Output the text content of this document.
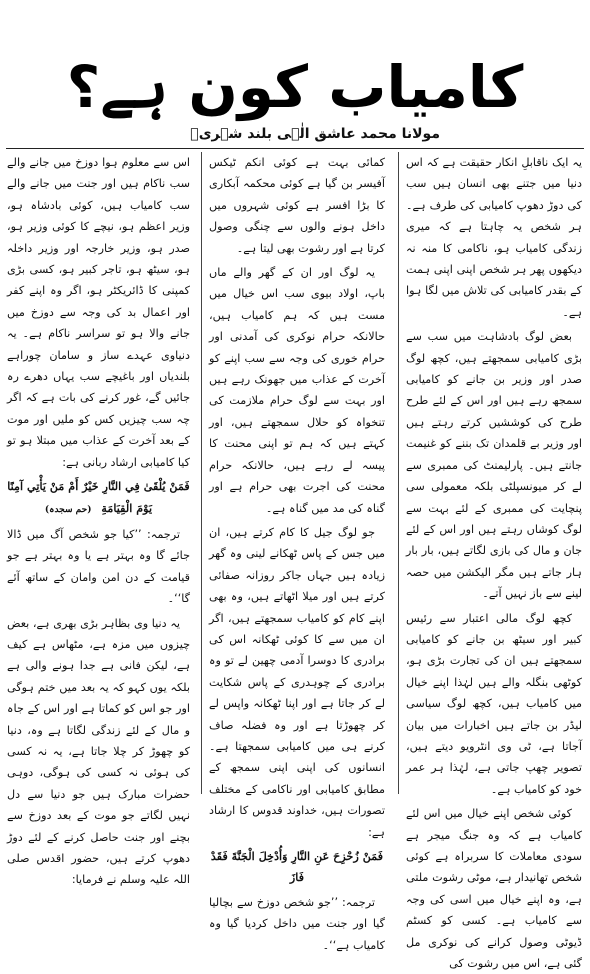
کامیاب کون ہے؟
مولانا محمد عاشق الٰہی بلند شہریؒ

یہ ایک ناقابلِ انکار حقیقت ہے کہ اس دنیا میں جتنے بھی انسان ہیں سب کی دوڑ دھوپ کامیابی کی طرف ہے۔ ہر شخص یہ چاہتا ہے کہ میری زندگی کامیاب ہو، ناکامی کا منہ نہ دیکھوں پھر ہر شخص اپنی اپنی ہمت کے بقدر کامیابی کی تلاش میں لگا ہوا ہے۔

بعض لوگ بادشاہت میں سب سے بڑی کامیابی سمجھتے ہیں، کچھ لوگ صدر اور وزیر بن جانے کو کامیابی سمجھ رہے ہیں اور اس کے لئے طرح طرح کی کوششیں کرتے رہتے ہیں اور وزیر بے قلمدان تک بننے کو غنیمت جانتے ہیں۔ پارلیمنٹ کی ممبری سے لے کر میونسپلٹی بلکہ معمولی سی پنچایت کی ممبری کے لئے بہت سے لوگ کوشاں رہتے ہیں اور اس کے لئے جان و مال کی بازی لگاتے ہیں، بار بار ہار جاتے ہیں مگر الیکشن میں حصہ لینے سے باز نہیں آتے۔

کچھ لوگ مالی اعتبار سے رئیس کبیر اور سیٹھ بن جانے کو کامیابی سمجھتے ہیں ان کی تجارت بڑی ہو، کوٹھی بنگلہ والے ہیں لہٰذا اپنے خیال میں کامیاب ہیں، کچھ لوگ سیاسی لیڈر بن جاتے ہیں اخبارات میں بیان آجاتا ہے، ٹی وی انٹرویو دیتے ہیں، تصویر چھپ جاتی ہے، لہٰذا ہر عمر خود کو کامیاب ہے۔

کوئی شخص اپنے خیال میں اس لئے کامیاب ہے کہ وہ جنگ میجر ہے سودی معاملات کا سربراہ ہے کوئی شخص تھانیدار ہے، موٹی رشوت ملتی ہے، وہ اپنے خیال میں اسی کی وجہ سے کامیاب ہے۔ کسی کو کسٹم ڈیوٹی وصول کرانے کی نوکری مل گئی ہے، اس میں رشوت کی

کمائی بہت ہے کوئی انکم ٹیکس آفیسر بن گیا ہے کوئی محکمہ آبکاری کا بڑا افسر ہے کوئی شہروں میں داخل ہونے والوں سے چنگی وصول کرتا ہے اور رشوت بھی لیتا ہے۔

یہ لوگ اور ان کے گھر والے ماں باپ، اولاد بیوی سب اس خیال میں مست ہیں کہ ہم کامیاب ہیں، حالانکہ حرام نوکری کی آمدنی اور حرام خوری کی وجہ سے سب اپنے کو آخرت کے عذاب میں جھونک رہے ہیں اور بہت سے لوگ حرام ملازمت کی تنخواہ کو حلال سمجھتے ہیں، اور کہتے ہیں کہ ہم تو اپنی محنت کا پیسہ لے رہے ہیں، حالانکہ حرام محنت کی اجرت بھی حرام ہے اور گناہ کی مد میں گناہ ہے۔

جو لوگ جیل کا کام کرتے ہیں، ان میں جس کے پاس ٹھکانے لینی وہ گھر زیادہ ہیں جہاں جاکر روزانہ صفائی کرتے ہیں اور میلا اٹھاتے ہیں، وہ بھی اپنے کام کو کامیاب سمجھتے ہیں، اگر ان میں سے کا کوئی ٹھکانہ اس کی برادری کا دوسرا آدمی چھین لے تو وہ برادری کے چوہدری کے پاس شکایت لے کر جاتا ہے اور اپنا ٹھکانہ واپس لے کر چھوڑتا ہے اور وہ فضلہ صاف کرنے ہی میں کامیابی سمجھتا ہے۔ انسانوں کی اپنی اپنی سمجھ کے مطابق کامیابی اور ناکامی کے مختلف تصورات ہیں، خداوند قدوس کا ارشاد ہے:

فَمَنْ زُحْزِحَ عَنِ النَّارِ وَأُدْخِلَ الْجَنَّةَ فَقَدْ فَازَ

ترجمہ: ’’جو شخص دوزخ سے بچالیا گیا اور جنت میں داخل کردیا گیا وہ کامیاب ہے‘‘۔

اس سے معلوم ہوا دوزخ میں جانے والے سب ناکام ہیں اور جنت میں جانے والے سب کامیاب ہیں، کوئی بادشاہ ہو، وزیر اعظم ہو، نیچے کا کوئی وزیر ہو، صدر ہو، وزیر خارجہ اور وزیر داخلہ ہو، سیٹھ ہو، تاجر کبیر ہو، کسی بڑی کمپنی کا ڈائریکٹر ہو، اگر وہ اپنے کفر اور اعمال بد کی وجہ سے دوزخ میں جانے والا ہو تو سراسر ناکام ہے۔ یہ دنیاوی عہدے ساز و سامان چوراہے بلندیاں اور باغیچے سب یہاں دھرے رہ جائیں گے، غور کرنے کی بات ہے کہ اگر چہ سب چیزیں کس کو ملیں اور موت کے بعد آخرت کے عذاب میں مبتلا ہو تو کیا کامیابی ارشاد ربانی ہے:

فَمَنْ يُلْقَىٰ فِي النَّارِ خَيْرٌ أَمْ مَنْ يَأْتِي آمِنًا يَوْمَ الْقِيَامَةِ (حم سجدہ)

ترجمہ: ’’کیا جو شخص آگ میں ڈالا جائے گا وہ بہتر ہے یا وہ بہتر ہے جو قیامت کے دن امن وامان کے ساتھ آئے گا‘‘۔

یہ دنیا وی بظاہر بڑی بھری ہے، بعض چیزوں میں مزہ ہے، مٹھاس ہے کیف ہے، لیکن فانی ہے جدا ہونے والی ہے بلکہ یوں کہو کہ یہ بعد میں ختم ہوگی اور جو اس کو کماتا ہے اور اس کے جاہ و مال کے لئے زندگی لگاتا ہے وہ، دنیا کو چھوڑ کر چلا جاتا ہے، یہ نہ کسی کی ہوئی نہ کسی کی ہوگی، دوہی حضرات مبارک ہیں جو دنیا سے دل نہیں لگاتے جو موت کے بعد دوزخ سے بچنے اور جنت حاصل کرنے کے لئے دوڑ دھوپ کرتے ہیں، حضور اقدس صلی اللہ علیہ وسلم نے فرمایا:
